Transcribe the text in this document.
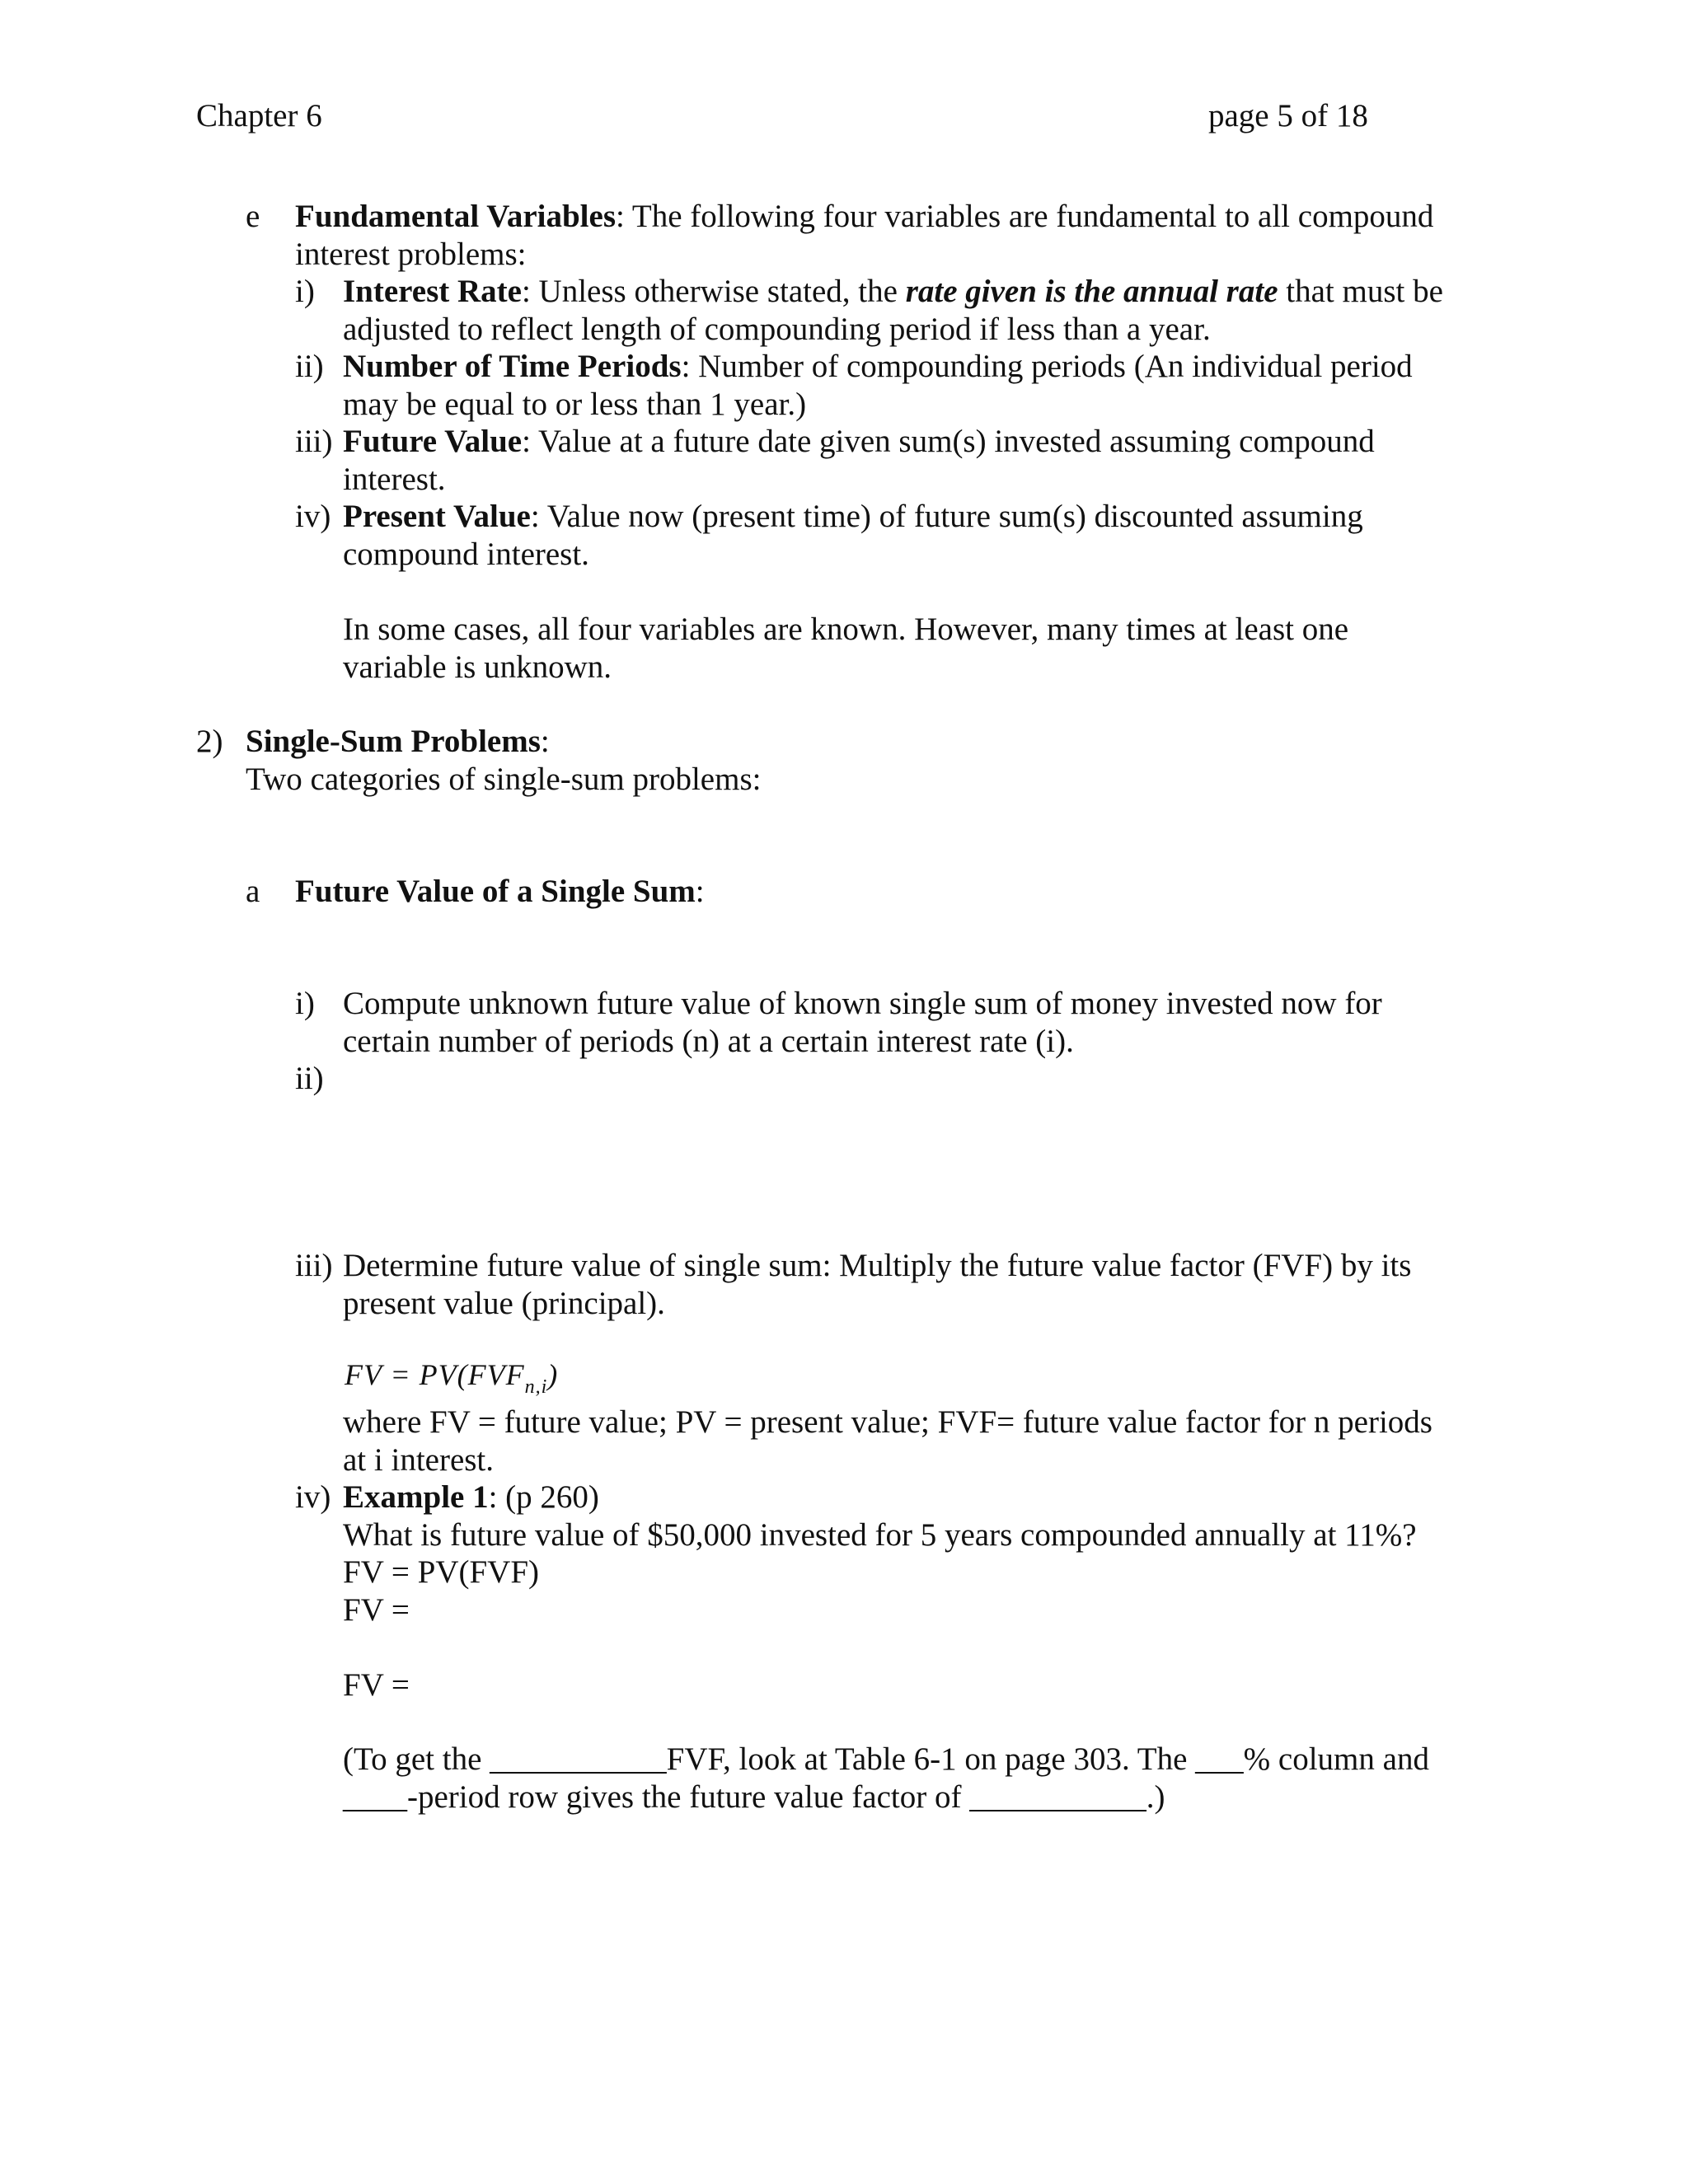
Chapter 6	page 5 of 18
e Fundamental Variables: The following four variables are fundamental to all compound
interest problems:
i) Interest Rate: Unless otherwise stated, the rate given is the annual rate that must be
adjusted to reflect length of compounding period if less than a year.
ii) Number of Time Periods: Number of compounding periods (An individual period
may be equal to or less than 1 year.)
iii) Future Value: Value at a future date given sum(s) invested assuming compound
interest.
iv) Present Value: Value now (present time) of future sum(s) discounted assuming
compound interest.
In some cases, all four variables are known. However, many times at least one
variable is unknown.
2) Single-Sum Problems:
Two categories of single-sum problems:
a Future Value of a Single Sum:
i) Compute unknown future value of known single sum of money invested now for
certain number of periods (n) at a certain interest rate (i).
ii)
iii) Determine future value of single sum: Multiply the future value factor (FVF) by its
present value (principal).
FV = $PV(FVF_{n,i})$
where FV = future value; PV = present value; FVF= future value factor for n periods
at i interest.
iv) Example 1: (p 260)
What is future value of $50,000 invested for 5 years compounded annually at 11%?
FV = PV(FVF)
FV =
FV =
(To get the ___________FVF, look at Table 6-1 on page 303. The ___% column and
____-period row gives the future value factor of ___________.)
